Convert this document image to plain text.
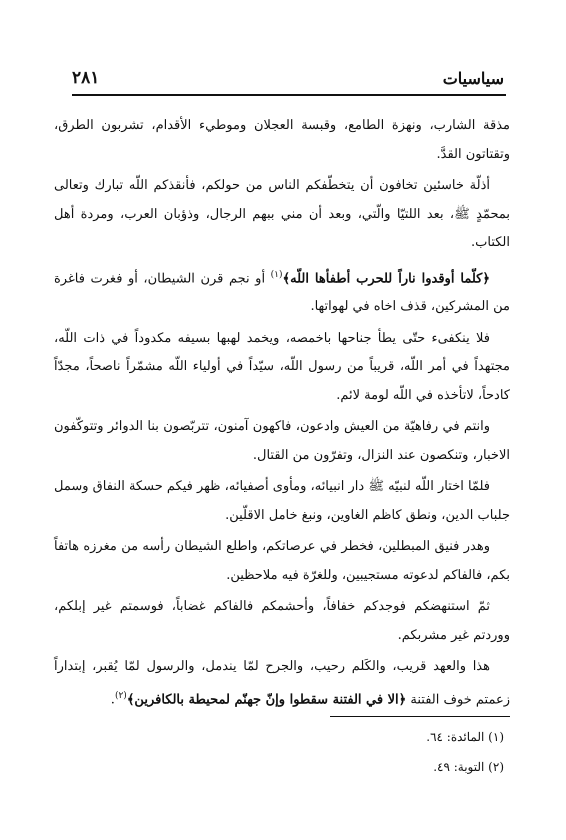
سياسيات
٢٨١

مذقة الشارب، ونهزة الطامع، وقبسة العجلان وموطيء الأقدام، تشربون الطرق، وتقتاتون القدَّ.

أذلّة خاسئين تخافون أن يتخطّفكم الناس من حولكم، فأنقذكم اللّه تبارك وتعالى بمحمّدٍ ﷺ، بعد اللتيّا والّتي، وبعد أن مني ببهم الرجال، وذؤبان العرب، ومردة أهل الكتاب.

﴿كلّما أوقدوا ناراً للحرب أطفأها اللّه﴾$^{(١)}$ أو نجم قرن الشيطان، أو فغرت فاغرة من المشركين، قذف اخاه في لهواتها.

فلا ينكفىء حتّى يطأ جناحها باخمصه، ويخمد لهبها بسيفه مكدوداً في ذات اللّه، مجتهداً في أمر اللّه، قريباً من رسول اللّه، سيّداً في أولياء اللّه مشمّراً ناصحاً، مجدّاً كادحاً، لاتأخذه في اللّه لومة لائم.

وانتم في رفاهيّة من العيش وادعون، فاكهون آمنون، تتربّصون بنا الدوائر وتتوكّفون الاخبار، وتنكصون عند النزال، وتفرّون من القتال.

فلمّا اختار اللّه لنبيّه ﷺ دار انبيائه، ومأوى أصفيائه، ظهر فيكم حسكة النفاق وسمل جلباب الدين، ونطق كاظم الغاوين، ونبغ خامل الاقلّين.

وهدر فنيق المبطلين، فخطر في عرصاتكم، واطلع الشيطان رأسه من مغرزه هاتفاً بكم، فالفاكم لدعوته مستجيبين، وللغرّة فيه ملاحظين.

ثمّ استنهضكم فوجدكم خفافاً، وأحشمكم فالفاكم غضاباً، فوسمتم غير إبلكم، ووردتم غير مشربكم.

هذا والعهد قريب، والكَلم رحيب، والجرح لمّا يندمل، والرسول لمّا يُقبر، إبتداراً زعمتم خوف الفتنة ﴿الا في الفتنة سقطوا وإنّ جهنّم لمحيطة بالكافرين﴾$^{(٢)}$.

(١) المائدة: ٦٤.

(٢) التوبة: ٤٩.
